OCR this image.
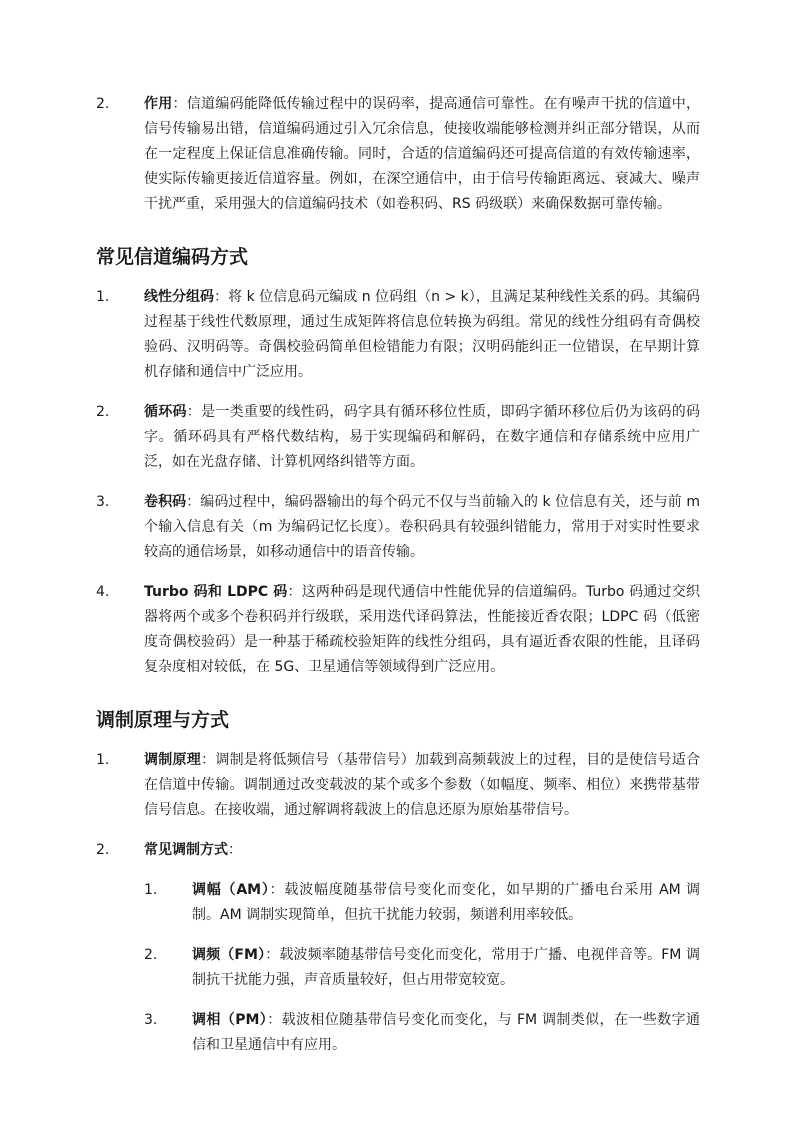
2. 作用：信道编码能降低传输过程中的误码率，提高通信可靠性。在有噪声干扰的信道中，信号传输易出错，信道编码通过引入冗余信息，使接收端能够检测并纠正部分错误，从而在一定程度上保证信息准确传输。同时，合适的信道编码还可提高信道的有效传输速率，使实际传输更接近信道容量。例如，在深空通信中，由于信号传输距离远、衰减大、噪声干扰严重，采用强大的信道编码技术（如卷积码、RS 码级联）来确保数据可靠传输。
常见信道编码方式
1. 线性分组码：将 k 位信息码元编成 n 位码组（n > k），且满足某种线性关系的码。其编码过程基于线性代数原理，通过生成矩阵将信息位转换为码组。常见的线性分组码有奇偶校验码、汉明码等。奇偶校验码简单但检错能力有限；汉明码能纠正一位错误，在早期计算机存储和通信中广泛应用。
2. 循环码：是一类重要的线性码，码字具有循环移位性质，即码字循环移位后仍为该码的码字。循环码具有严格代数结构，易于实现编码和解码，在数字通信和存储系统中应用广泛，如在光盘存储、计算机网络纠错等方面。
3. 卷积码：编码过程中，编码器输出的每个码元不仅与当前输入的 k 位信息有关，还与前 m 个输入信息有关（m 为编码记忆长度）。卷积码具有较强纠错能力，常用于对实时性要求较高的通信场景，如移动通信中的语音传输。
4. Turbo 码和 LDPC 码：这两种码是现代通信中性能优异的信道编码。Turbo 码通过交织器将两个或多个卷积码并行级联，采用迭代译码算法，性能接近香农限；LDPC 码（低密度奇偶校验码）是一种基于稀疏校验矩阵的线性分组码，具有逼近香农限的性能，且译码复杂度相对较低，在 5G、卫星通信等领域得到广泛应用。
调制原理与方式
1. 调制原理：调制是将低频信号（基带信号）加载到高频载波上的过程，目的是使信号适合在信道中传输。调制通过改变载波的某个或多个参数（如幅度、频率、相位）来携带基带信号信息。在接收端，通过解调将载波上的信息还原为原始基带信号。
2. 常见调制方式：
1. 调幅（AM）：载波幅度随基带信号变化而变化，如早期的广播电台采用 AM 调制。AM 调制实现简单，但抗干扰能力较弱，频谱利用率较低。
2. 调频（FM）：载波频率随基带信号变化而变化，常用于广播、电视伴音等。FM 调制抗干扰能力强，声音质量较好，但占用带宽较宽。
3. 调相（PM）：载波相位随基带信号变化而变化，与 FM 调制类似，在一些数字通信和卫星通信中有应用。
